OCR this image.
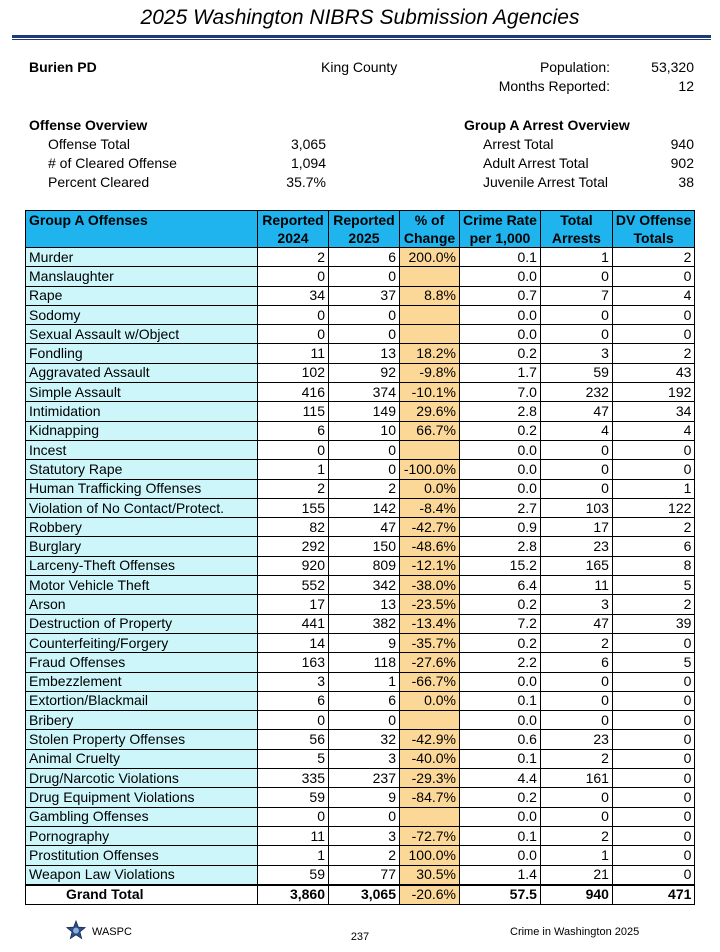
2025 Washington NIBRS Submission Agencies
Burien PD	King County	Population:	53,320
Months Reported:	12
Offense Overview
Offense Total	3,065
# of Cleared Offense	1,094
Percent Cleared	35.7%
Group A Arrest Overview
Arrest Total	940
Adult Arrest Total	902
Juvenile Arrest Total	38
Group A Offenses	Reported	Reported	% of	Crime Rate	Total	DV Offense
	2024	2025	Change	per 1,000	Arrests	Totals
Murder	2	6	200.0%	0.1	1	2
Manslaughter	0	0		0.0	0	0
Rape	34	37	8.8%	0.7	7	4
Sodomy	0	0		0.0	0	0
Sexual Assault w/Object	0	0		0.0	0	0
Fondling	11	13	18.2%	0.2	3	2
Aggravated Assault	102	92	-9.8%	1.7	59	43
Simple Assault	416	374	-10.1%	7.0	232	192
Intimidation	115	149	29.6%	2.8	47	34
Kidnapping	6	10	66.7%	0.2	4	4
Incest	0	0		0.0	0	0
Statutory Rape	1	0	-100.0%	0.0	0	0
Human Trafficking Offenses	2	2	0.0%	0.0	0	1
Violation of No Contact/Protect.	155	142	-8.4%	2.7	103	122
Robbery	82	47	-42.7%	0.9	17	2
Burglary	292	150	-48.6%	2.8	23	6
Larceny-Theft Offenses	920	809	-12.1%	15.2	165	8
Motor Vehicle Theft	552	342	-38.0%	6.4	11	5
Arson	17	13	-23.5%	0.2	3	2
Destruction of Property	441	382	-13.4%	7.2	47	39
Counterfeiting/Forgery	14	9	-35.7%	0.2	2	0
Fraud Offenses	163	118	-27.6%	2.2	6	5
Embezzlement	3	1	-66.7%	0.0	0	0
Extortion/Blackmail	6	6	0.0%	0.1	0	0
Bribery	0	0		0.0	0	0
Stolen Property Offenses	56	32	-42.9%	0.6	23	0
Animal Cruelty	5	3	-40.0%	0.1	2	0
Drug/Narcotic Violations	335	237	-29.3%	4.4	161	0
Drug Equipment Violations	59	9	-84.7%	0.2	0	0
Gambling Offenses	0	0		0.0	0	0
Pornography	11	3	-72.7%	0.1	2	0
Prostitution Offenses	1	2	100.0%	0.0	1	0
Weapon Law Violations	59	77	30.5%	1.4	21	0
Grand Total	3,860	3,065	-20.6%	57.5	940	471
WASPC	237	Crime in Washington 2025
